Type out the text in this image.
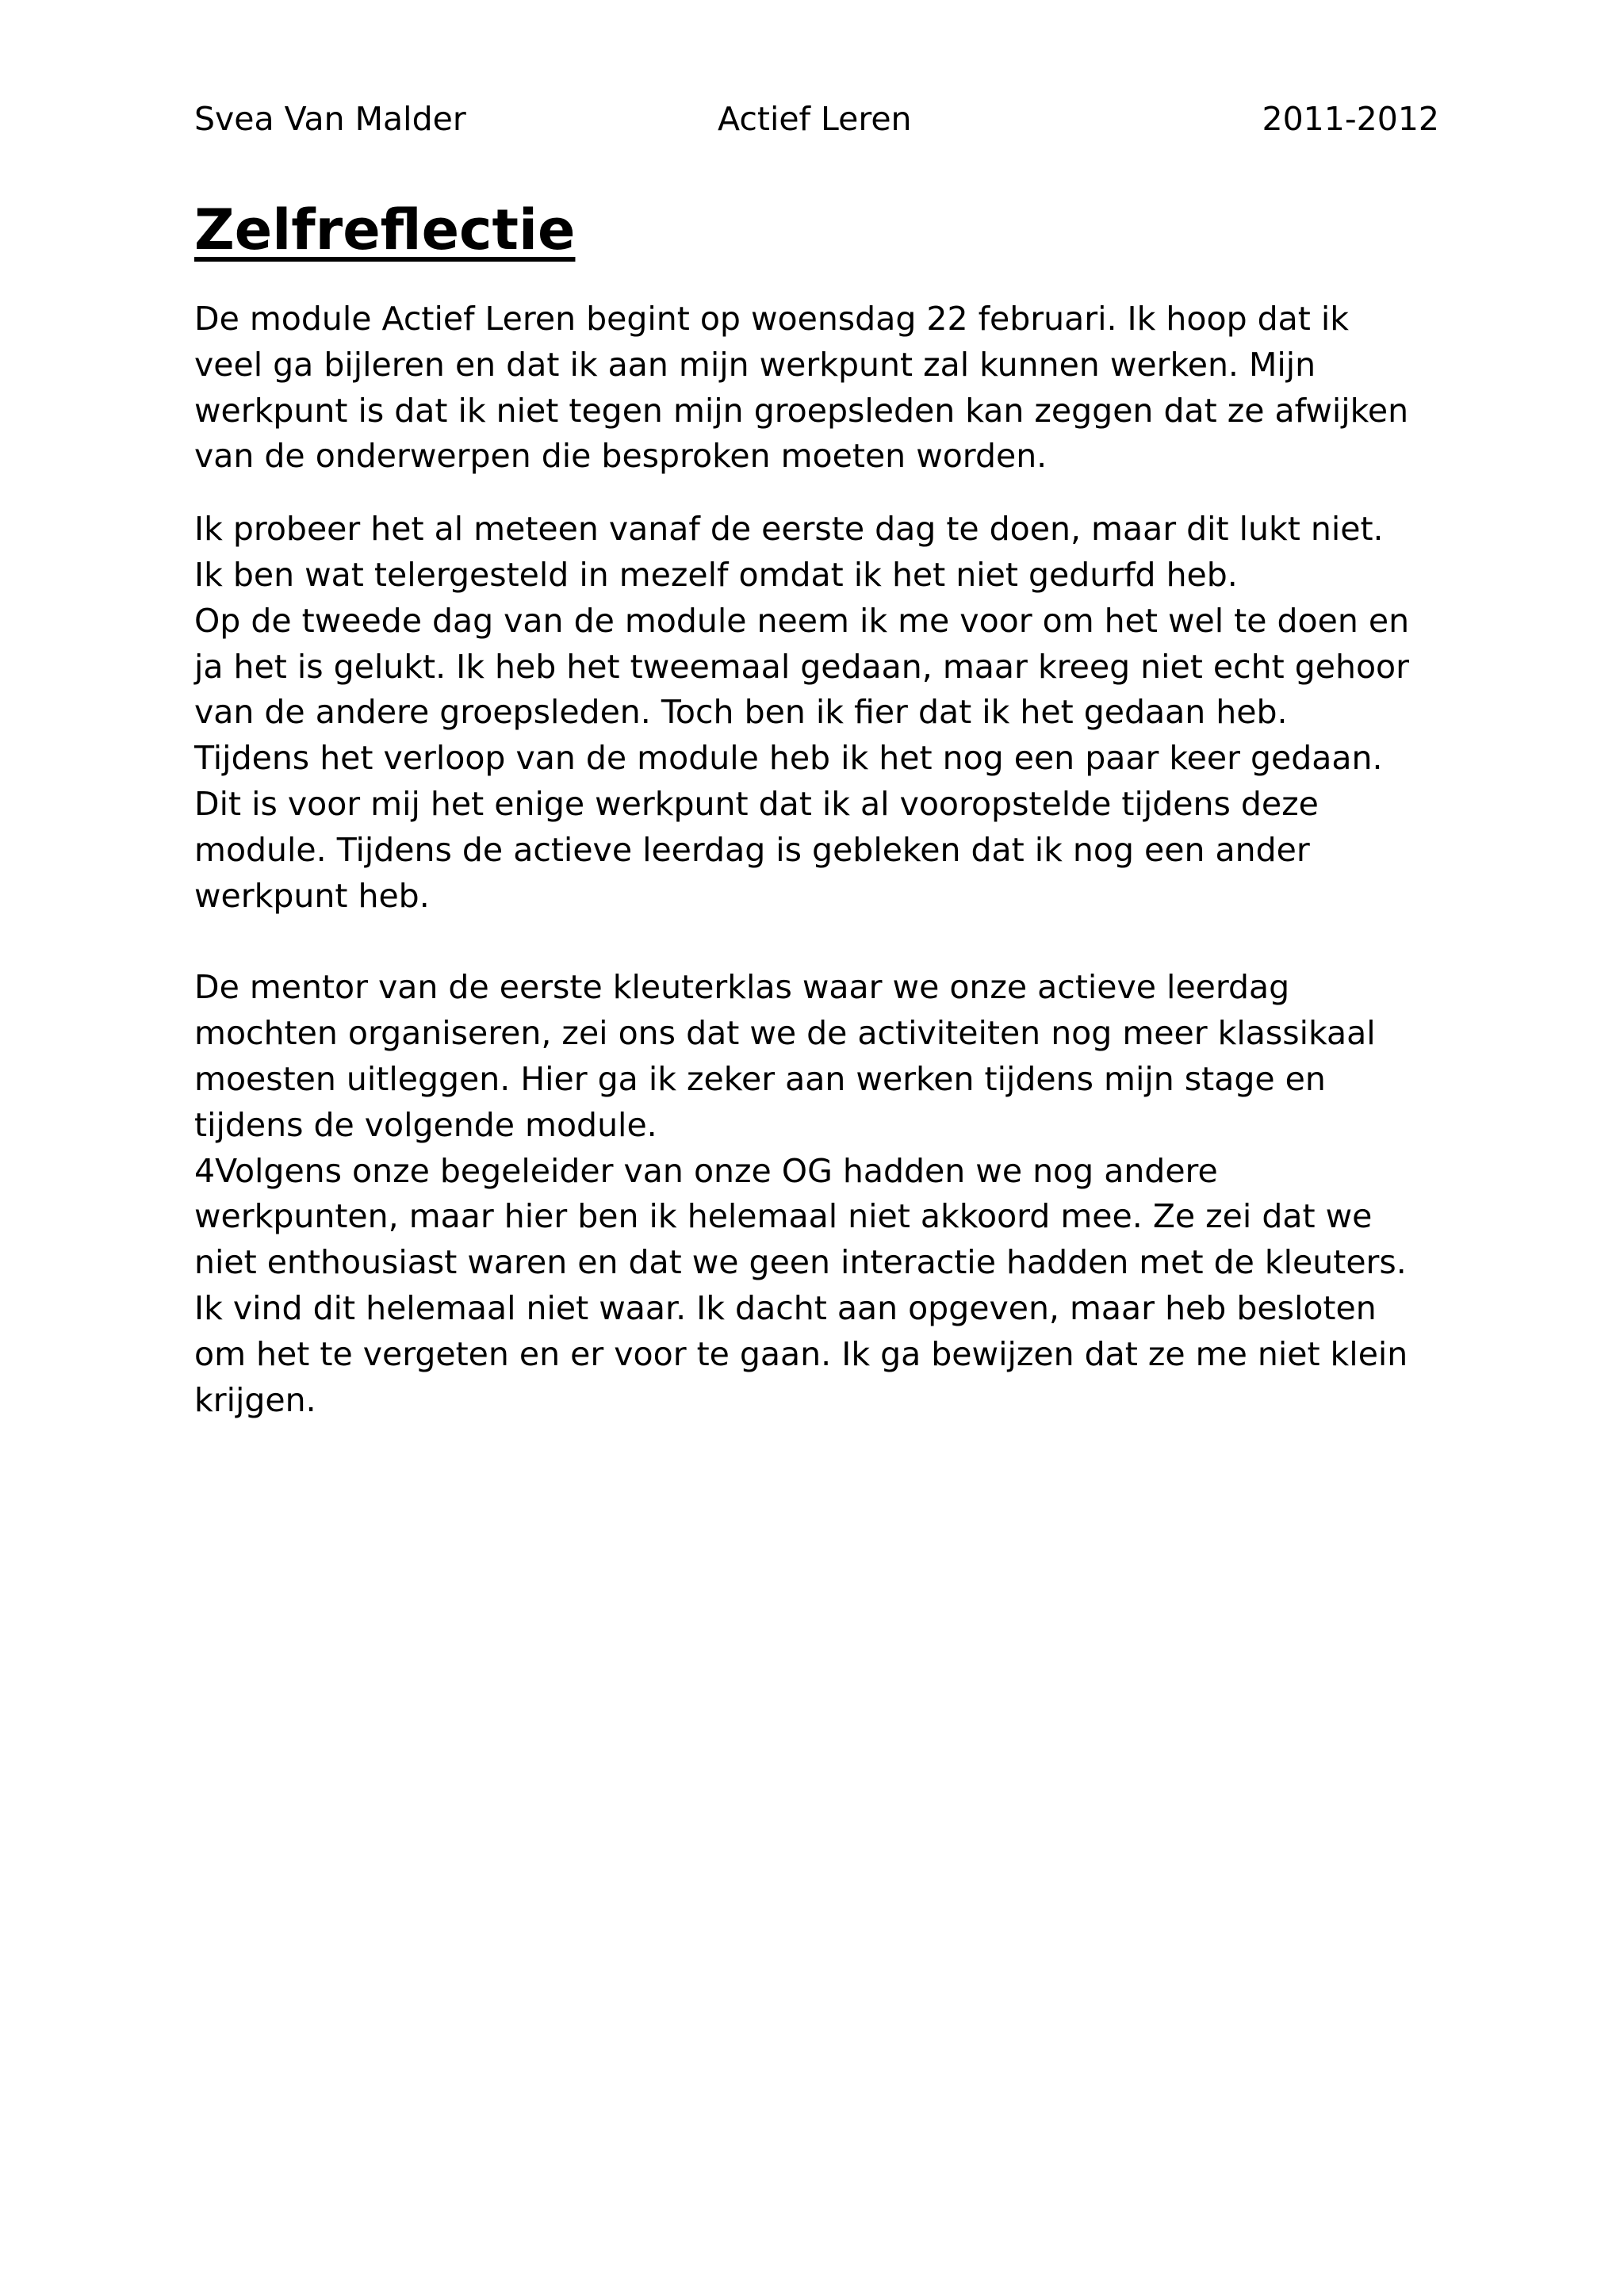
Svea Van Malder	Actief Leren	2011-2012
Zelfreflectie

De module Actief Leren begint op woensdag 22 februari. Ik hoop dat ik
veel ga bijleren en dat ik aan mijn werkpunt zal kunnen werken. Mijn
werkpunt is dat ik niet tegen mijn groepsleden kan zeggen dat ze afwijken
van de onderwerpen die besproken moeten worden.

Ik probeer het al meteen vanaf de eerste dag te doen, maar dit lukt niet.
Ik ben wat telergesteld in mezelf omdat ik het niet gedurfd heb.
Op de tweede dag van de module neem ik me voor om het wel te doen en
ja het is gelukt. Ik heb het tweemaal gedaan, maar kreeg niet echt gehoor
van de andere groepsleden. Toch ben ik fier dat ik het gedaan heb.
Tijdens het verloop van de module heb ik het nog een paar keer gedaan.
Dit is voor mij het enige werkpunt dat ik al vooropstelde tijdens deze
module. Tijdens de actieve leerdag is gebleken dat ik nog een ander
werkpunt heb.

De mentor van de eerste kleuterklas waar we onze actieve leerdag
mochten organiseren, zei ons dat we de activiteiten nog meer klassikaal
moesten uitleggen. Hier ga ik zeker aan werken tijdens mijn stage en
tijdens de volgende module.
4Volgens onze begeleider van onze OG hadden we nog andere
werkpunten, maar hier ben ik helemaal niet akkoord mee. Ze zei dat we
niet enthousiast waren en dat we geen interactie hadden met de kleuters.
Ik vind dit helemaal niet waar. Ik dacht aan opgeven, maar heb besloten
om het te vergeten en er voor te gaan. Ik ga bewijzen dat ze me niet klein
krijgen.
